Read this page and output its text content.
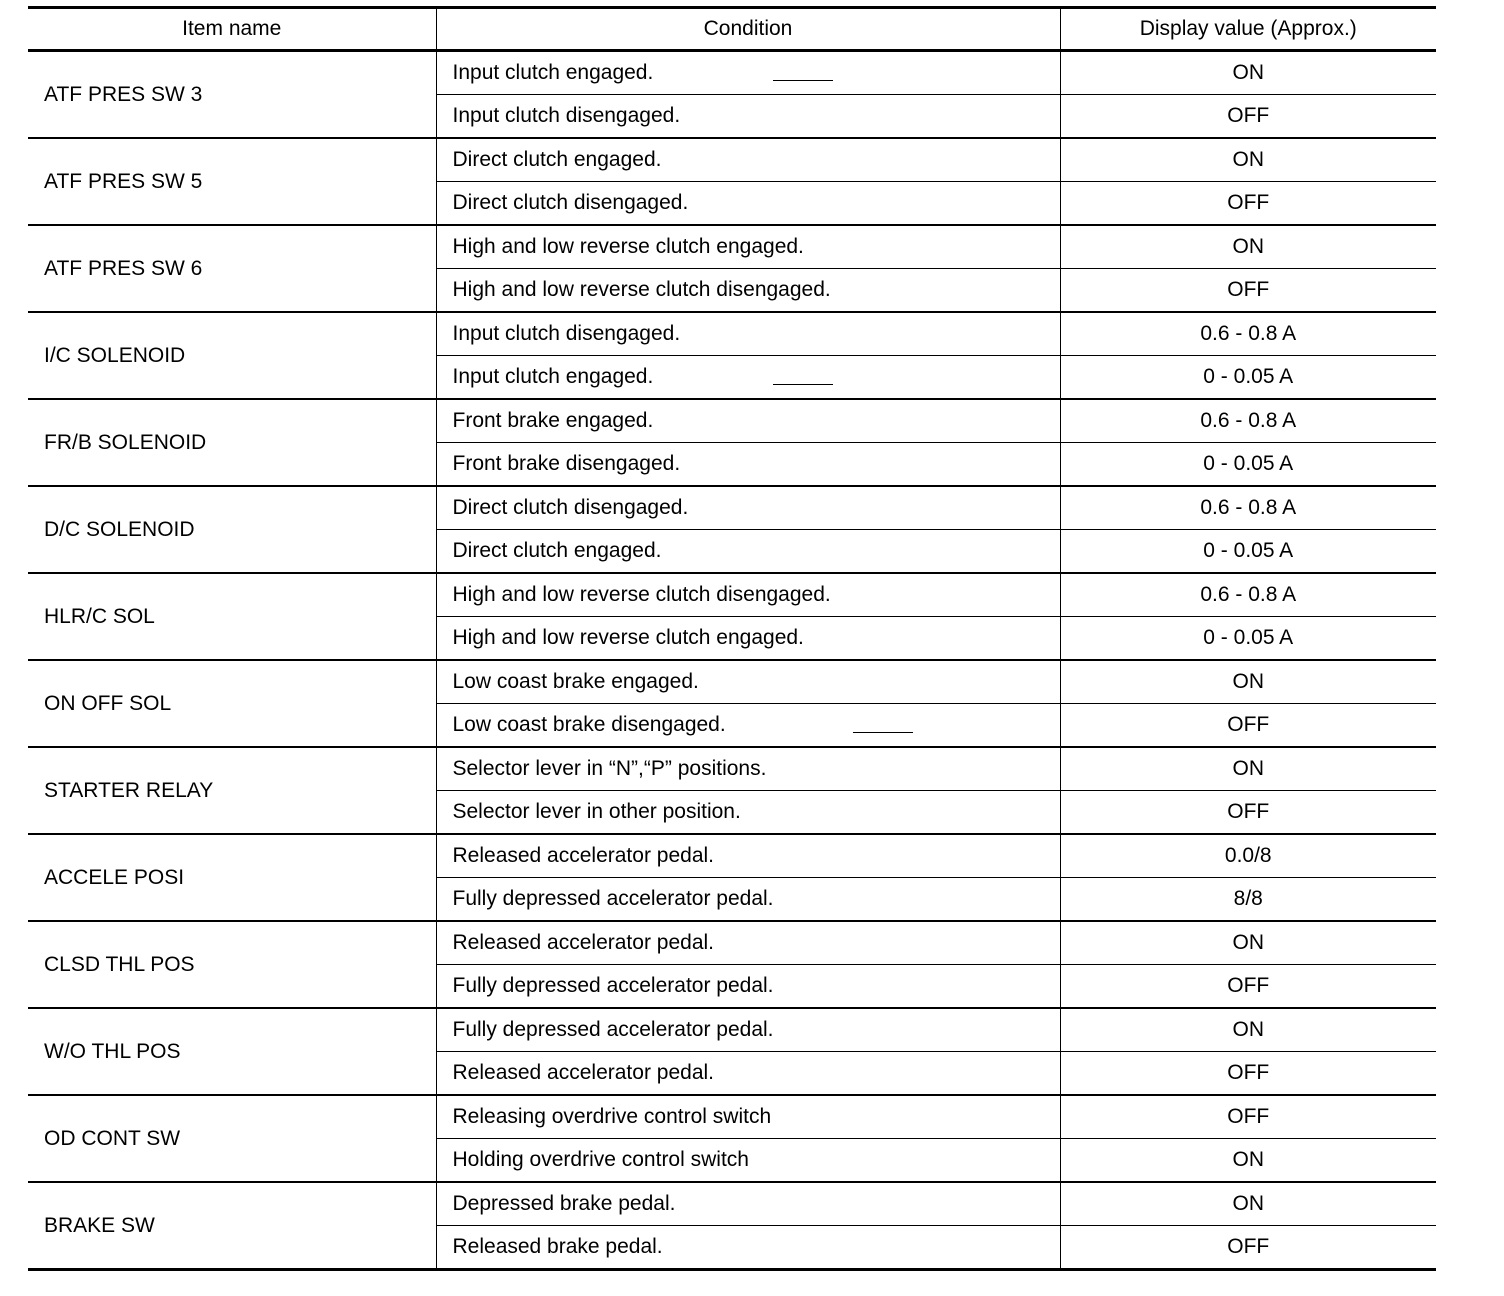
Item name	Condition	Display value (Approx.)
ATF PRES SW 3	Input clutch engaged.	ON
	Input clutch disengaged.	OFF
ATF PRES SW 5	Direct clutch engaged.	ON
	Direct clutch disengaged.	OFF
ATF PRES SW 6	High and low reverse clutch engaged.	ON
	High and low reverse clutch disengaged.	OFF
I/C SOLENOID	Input clutch disengaged.	0.6 - 0.8 A
	Input clutch engaged.	0 - 0.05 A
FR/B SOLENOID	Front brake engaged.	0.6 - 0.8 A
	Front brake disengaged.	0 - 0.05 A
D/C SOLENOID	Direct clutch disengaged.	0.6 - 0.8 A
	Direct clutch engaged.	0 - 0.05 A
HLR/C SOL	High and low reverse clutch disengaged.	0.6 - 0.8 A
	High and low reverse clutch engaged.	0 - 0.05 A
ON OFF SOL	Low coast brake engaged.	ON
	Low coast brake disengaged.	OFF
STARTER RELAY	Selector lever in “N”,“P” positions.	ON
	Selector lever in other position.	OFF
ACCELE POSI	Released accelerator pedal.	0.0/8
	Fully depressed accelerator pedal.	8/8
CLSD THL POS	Released accelerator pedal.	ON
	Fully depressed accelerator pedal.	OFF
W/O THL POS	Fully depressed accelerator pedal.	ON
	Released accelerator pedal.	OFF
OD CONT SW	Releasing overdrive control switch	OFF
	Holding overdrive control switch	ON
BRAKE SW	Depressed brake pedal.	ON
	Released brake pedal.	OFF
